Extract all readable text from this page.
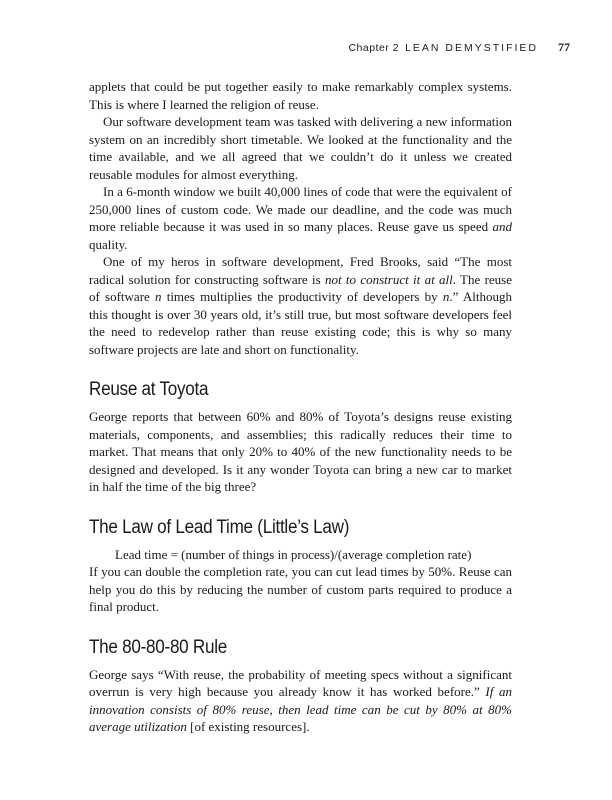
Chapter 2 LEAN DEMYSTIFIED 77

applets that could be put together easily to make remarkably complex systems. This is where I learned the religion of reuse.

Our software development team was tasked with delivering a new information system on an incredibly short timetable. We looked at the functionality and the time available, and we all agreed that we couldn’t do it unless we created reusable modules for almost everything.

In a 6-month window we built 40,000 lines of code that were the equivalent of 250,000 lines of custom code. We made our deadline, and the code was much more reliable because it was used in so many places. Reuse gave us speed and quality.

One of my heros in software development, Fred Brooks, said “The most radical solution for constructing software is not to construct it at all. The reuse of software n times multiplies the productivity of developers by n.” Although this thought is over 30 years old, it’s still true, but most software developers feel the need to redevelop rather than reuse existing code; this is why so many software projects are late and short on functionality.

Reuse at Toyota

George reports that between 60% and 80% of Toyota’s designs reuse existing materials, components, and assemblies; this radically reduces their time to market. That means that only 20% to 40% of the new functionality needs to be designed and developed. Is it any wonder Toyota can bring a new car to market in half the time of the big three?

The Law of Lead Time (Little’s Law)

Lead time = (number of things in process)/(average completion rate)

If you can double the completion rate, you can cut lead times by 50%. Reuse can help you do this by reducing the number of custom parts required to produce a final product.

The 80-80-80 Rule

George says “With reuse, the probability of meeting specs without a significant overrun is very high because you already know it has worked before.” If an innovation consists of 80% reuse, then lead time can be cut by 80% at 80% average utilization [of existing resources].
